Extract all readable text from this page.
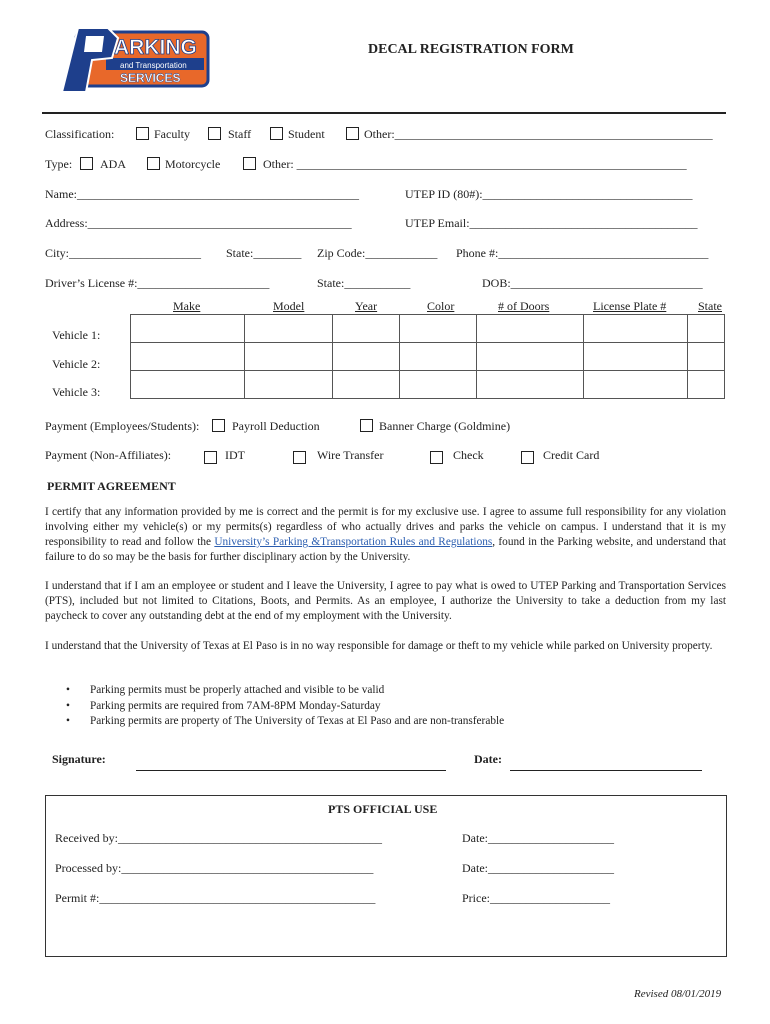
ARKING
and Transportation
SERVICES
DECAL REGISTRATION FORM
Classification:	Faculty	Staff	Student	Other:_____________________________________________________
Type: ADA	Motorcycle	Other: _________________________________________________________________
Name:_______________________________________________	UTEP ID (80#):___________________________________
Address:____________________________________________	UTEP Email:______________________________________
City:______________________ State:________ Zip Code:____________ Phone #:___________________________________
Driver’s License #:______________________	State:___________	DOB:________________________________
Make	Model	Year	Color	# of Doors	License Plate #	State
Vehicle 1:
Vehicle 2:
Vehicle 3:

Payment (Employees/Students):	Payroll Deduction	Banner Charge (Goldmine)
Payment (Non-Affiliates):	IDT	Wire Transfer	Check	Credit Card
PERMIT AGREEMENT
I certify that any information provided by me is correct and the permit is for my exclusive use. I agree to assume full responsibility for any violation involving either my vehicle(s) or my permits(s) regardless of who actually drives and parks the vehicle on campus. I understand that it is my responsibility to read and follow the University’s Parking &Transportation Rules and Regulations, found in the Parking website, and understand that failure to do so may be the basis for further disciplinary action by the University.
I understand that if I am an employee or student and I leave the University, I agree to pay what is owed to UTEP Parking and Transportation Services (PTS), included but not limited to Citations, Boots, and Permits. As an employee, I authorize the University to take a deduction from my last paycheck to cover any outstanding debt at the end of my employment with the University.
I understand that the University of Texas at El Paso is in no way responsible for damage or theft to my vehicle while parked on University property.
• Parking permits must be properly attached and visible to be valid
• Parking permits are required from 7AM-8PM Monday-Saturday
• Parking permits are property of The University of Texas at El Paso and are non-transferable
Signature:	Date:
PTS OFFICIAL USE
Received by:____________________________________________	Date:_____________________
Processed by:__________________________________________	Date:_____________________
Permit #:______________________________________________	Price:____________________
Revised 08/01/2019
